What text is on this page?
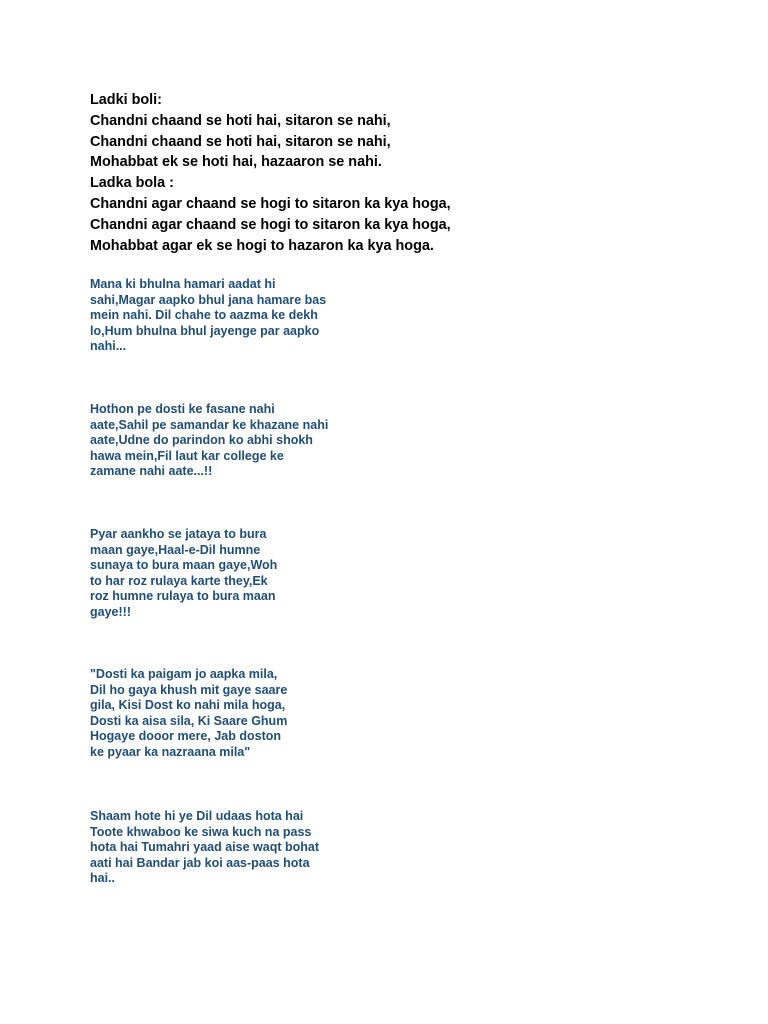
Ladki boli:
Chandni chaand se hoti hai, sitaron se nahi,
Chandni chaand se hoti hai, sitaron se nahi,
Mohabbat ek se hoti hai, hazaaron se nahi.
Ladka bola :
Chandni agar chaand se hogi to sitaron ka kya hoga,
Chandni agar chaand se hogi to sitaron ka kya hoga,
Mohabbat agar ek se hogi to hazaron ka kya hoga.
Mana ki bhulna hamari aadat hi
sahi,Magar aapko bhul jana hamare bas
mein nahi. Dil chahe to aazma ke dekh
lo,Hum bhulna bhul jayenge par aapko
nahi...
Hothon pe dosti ke fasane nahi
aate,Sahil pe samandar ke khazane nahi
aate,Udne do parindon ko abhi shokh
hawa mein,Fil laut kar college ke
zamane nahi aate...!!
Pyar aankho se jataya to bura
maan gaye,Haal-e-Dil humne
sunaya to bura maan gaye,Woh
to har roz rulaya karte they,Ek
roz humne rulaya to bura maan
gaye!!!
"Dosti ka paigam jo aapka mila,
Dil ho gaya khush mit gaye saare
gila, Kisi Dost ko nahi mila hoga,
Dosti ka aisa sila, Ki Saare Ghum
Hogaye dooor mere, Jab doston
ke pyaar ka nazraana mila"
Shaam hote hi ye Dil udaas hota hai
Toote khwaboo ke siwa kuch na pass
hota hai Tumahri yaad aise waqt bohat
aati hai Bandar jab koi aas-paas hota
hai..
